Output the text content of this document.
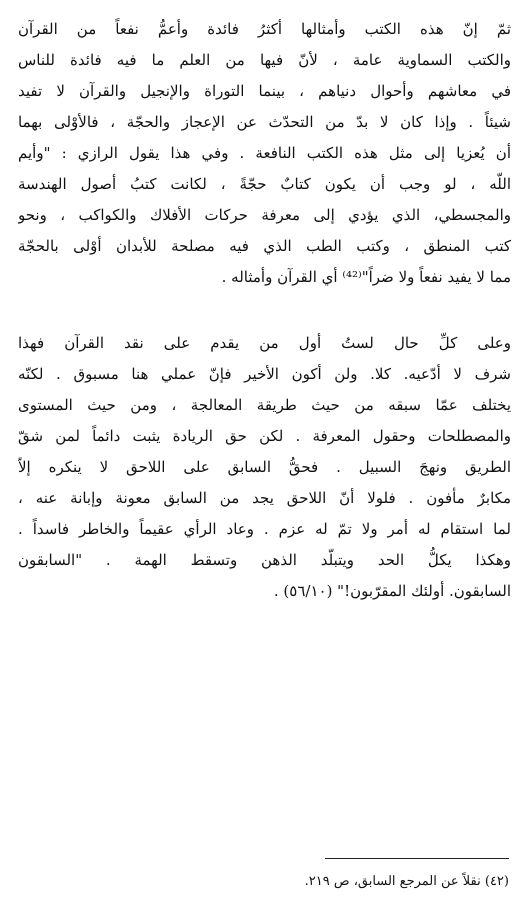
ثمّ إنّ هذه الكتب وأمثالها أكثرُ فائدة وأعمُّ نفعاً من القرآن
والكتب السماوية عامة ، لأنّ فيها من العلم ما فيه فائدة للناس
في معاشهم وأحوال دنياهم ، بينما التوراة والإنجيل والقرآن لا تفيد
شيئاً . وإذا كان لا بدّ من التحدّث عن الإعجاز والحجّة ، فالأوْلى بهما
أن يُعزيا إلى مثل هذه الكتب النافعة . وفي هذا يقول الرازي : "وأيم
اللّه ، لو وجب أن يكون كتابٌ حجّةً ، لكانت كتبُ أصول الهندسة
والمجسطي، الذي يؤدي إلى معرفة حركات الأفلاك والكواكب ، ونحو
كتب المنطق ، وكتب الطب الذي فيه مصلحة للأبدان أوْلى بالحجّة
مما لا يفيد نفعاً ولا ضراً"⁽⁴²⁾ أي القرآن وأمثاله .
وعلى كلِّ حال لستُ أول من يقدم على نقد القرآن فهذا
شرف لا أدّعيه. كلا. ولن أكون الأخير فإنّ عملي هنا مسبوق . لكنّه
يختلف عمّا سبقه من حيث طريقة المعالجة ، ومن حيث المستوى
والمصطلحات وحقول المعرفة . لكن حق الريادة يثبت دائماً لمن شقّ
الطريق ونهجَ السبيل . فحقُّ السابق على اللاحق لا ينكره إلاّ
مكابرٌ مأفون . فلولا أنّ اللاحق يجد من السابق معونة وإبانة عنه ،
لما استقام له أمر ولا تمّ له عزم . وعاد الرأي عقيماً والخاطر فاسداً .
وهكذا يكلُّ الحد ويتبلّد الذهن وتسقط الهمة . "السابقون
السابقون. أولئك المقرّبون!" (٥٦/١٠) .

(٤٢) نقلاً عن المرجع السابق، ص ٢١٩.
